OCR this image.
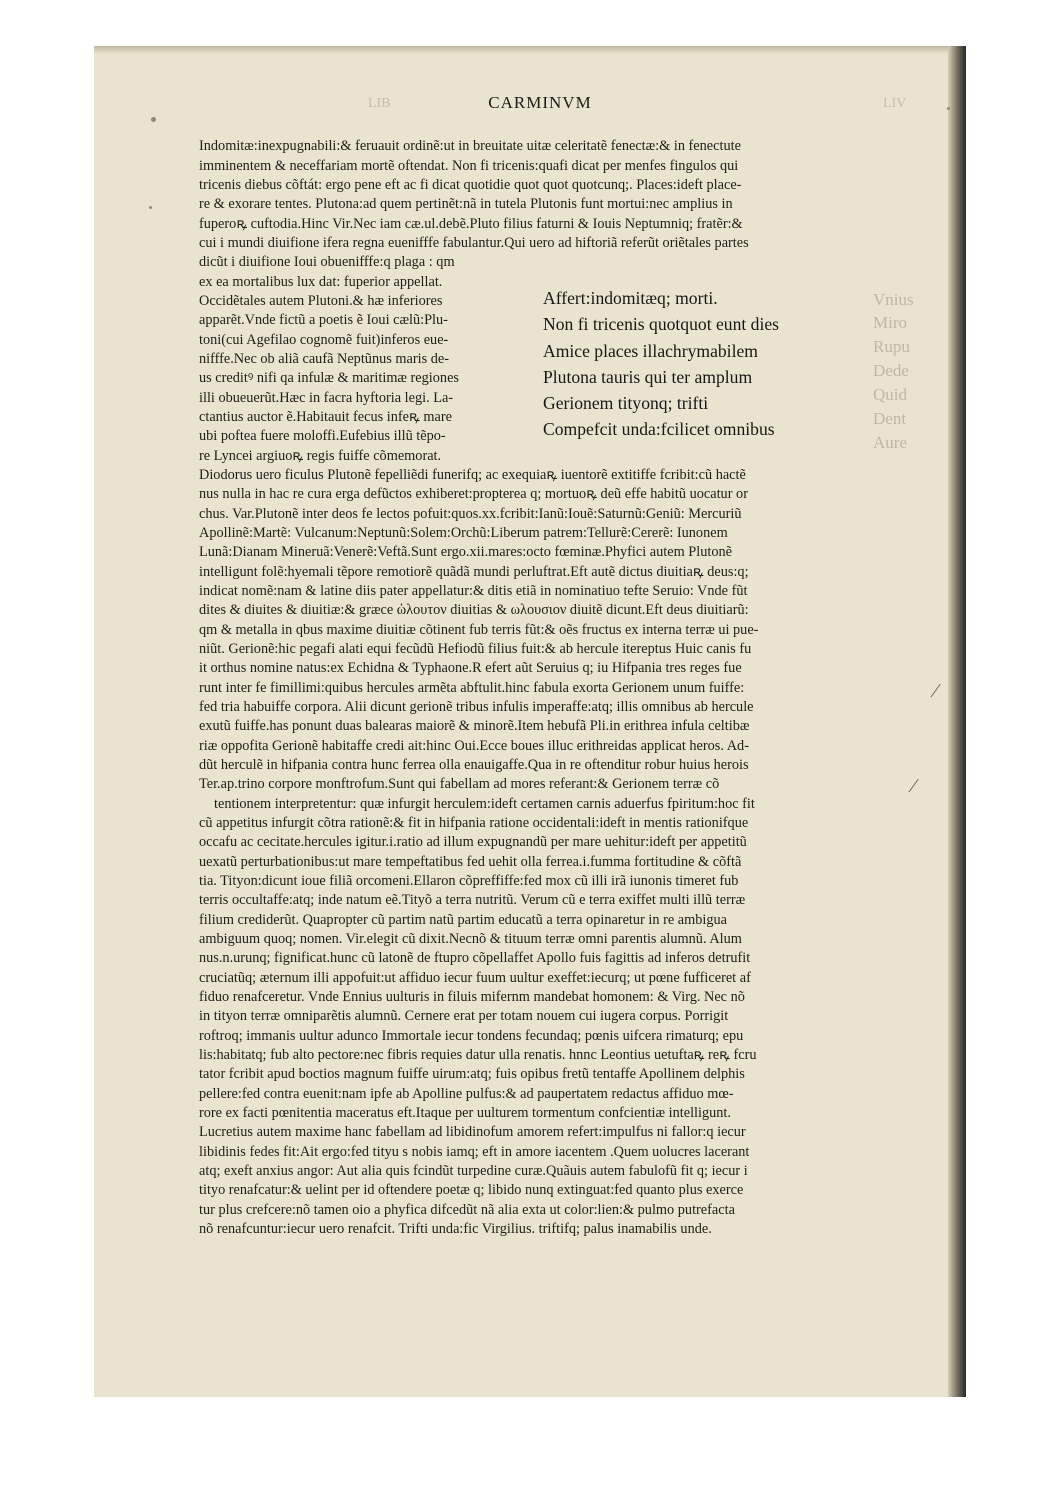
⁄
⁄
LIB	LIV
CARMINVM
Indomitæ:inexpugnabili:& feruauit ordinẽ:ut in breuitate uitæ celeritatẽ fenectæ:& in fenectute
imminentem & neceffariam mortẽ oftendat. Non fi tricenis:quafi dicat per menfes fingulos qui
tricenis diebus cõftát: ergo pene eft ac fi dicat quotidie quot quot quotcunq;. Places:ideft place-
re & exorare tentes. Plutona:ad quem pertinẽt:nã in tutela Plutonis funt mortui:nec amplius in
fuperoꝶ cuftodia.Hinc Vir.Nec iam cæ.ul.debẽ.Pluto filius faturni & Iouis Neptumniq; fratẽr:&
cui i mundi diuifione ifera regna euenifffe fabulantur.Qui uero ad hiftoriã referũt oriẽtales partes
dicũt i diuifione Ioui obuenifffe:q plaga : qm
ex ea mortalibus lux dat: fuperior appellat.
Occidẽtales autem Plutoni.& hæ inferiores
apparẽt.Vnde fictũ a poetis ẽ Ioui cælũ:Plu-
toni(cui Agefilao cognomẽ fuit)inferos eue-
nifffe.Nec ob aliã caufã Neptũnus maris de-
us creditꝰ nifi qa infulæ & maritimæ regiones
illi obueuerũt.Hæc in facra hyftoria legi. La-
ctantius auctor ẽ.Habitauit fecus infeꝶ mare
ubi poftea fuere moloffi.Eufebius illũ tẽpo-
re Lyncei argiuoꝶ regis fuiffe cõmemorat.
Diodorus uero ficulus Plutonẽ fepelliẽdi funerifq; ac exequiaꝶ iuentorẽ extitiffe fcribit:cũ hactẽ
nus nulla in hac re cura erga defũctos exhiberet:propterea q; mortuoꝶ deũ effe habitũ uocatur or
chus. Var.Plutonẽ inter deos fe lectos pofuit:quos.xx.fcribit:Ianũ:Iouẽ:Saturnũ:Geniũ: Mercuriũ
Apollinẽ:Martẽ: Vulcanum:Neptunũ:Solem:Orchũ:Liberum patrem:Tellurẽ:Cererẽ: Iunonem
Lunã:Dianam Mineruã:Venerẽ:Veftã.Sunt ergo.xii.mares:octo fœminæ.Phyfici autem Plutonẽ
intelligunt folẽ:hyemali tẽpore remotiorẽ quãdã mundi perluftrat.Eft autẽ dictus diuitiaꝶ deus:q;
indicat nomẽ:nam & latine diis pater appellatur:& ditis etiã in nominatiuo tefte Seruio: Vnde fũt
dites & diuites & diuitiæ:& græce ὠλουτον diuitias & ωλουσιον diuitẽ dicunt.Eft deus diuitiarũ:
qm & metalla in qbus maxime diuitiæ cõtinent fub terris fũt:& oẽs fructus ex interna terræ ui pue-
niũt. Gerionẽ:hic pegafi alati equi fecũdũ Hefiodũ filius fuit:& ab hercule itereptus Huic canis fu
it orthus nomine natus:ex Echidna & Typhaone.R efert aũt Seruius q; iu Hifpania tres reges fue
runt inter fe fimillimi:quibus hercules armẽta abftulit.hinc fabula exorta Gerionem unum fuiffe:
fed tria habuiffe corpora. Alii dicunt gerionẽ tribus infulis imperaffe:atq; illis omnibus ab hercule
exutũ fuiffe.has ponunt duas balearas maiorẽ & minorẽ.Item hebufã Pli.in erithrea infula celtibæ
riæ oppofita Gerionẽ habitaffe credi ait:hinc Oui.Ecce boues illuc erithreidas applicat heros. Ad-
dũt herculẽ in hifpania contra hunc ferrea olla enauigaffe.Qua in re oftenditur robur huius herois
Ter.ap.trino corpore monftrofum.Sunt qui fabellam ad mores referant:& Gerionem terræ cõ
tentionem interpretentur: quæ infurgit herculem:ideft certamen carnis aduerfus fpiritum:hoc fit
cũ appetitus infurgit cõtra rationẽ:& fit in hifpania ratione occidentali:ideft in mentis rationifque
occafu ac cecitate.hercules igitur.i.ratio ad illum expugnandũ per mare uehitur:ideft per appetitũ
uexatũ perturbationibus:ut mare tempeftatibus fed uehit olla ferrea.i.fumma fortitudine & cõftã
tia. Tityon:dicunt ioue filiã orcomeni.Ellaron cõpreffiffe:fed mox cũ illi irã iunonis timeret fub
terris occultaffe:atq; inde natum eẽ.Tityõ a terra nutritũ. Verum cũ e terra exiffet multi illũ terræ
filium crediderũt. Quapropter cũ partim natũ partim educatũ a terra opinaretur in re ambigua
ambiguum quoq; nomen. Vir.elegit cũ dixit.Necnõ & tituum terræ omni parentis alumnũ. Alum
nus.n.urunq; fignificat.hunc cũ latonẽ de ftupro cõpellaffet Apollo fuis fagittis ad inferos detrufit
cruciatũq; æternum illi appofuit:ut affiduo iecur fuum uultur exeffet:iecurq; ut pœne fufficeret af
fiduo renafceretur. Vnde Ennius uulturis in filuis mifernm mandebat homonem: & Virg. Nec nõ
in tityon terræ omniparẽtis alumnũ. Cernere erat per totam nouem cui iugera corpus. Porrigit
roftroq; immanis uultur adunco Immortale iecur tondens fecundaq; pœnis uifcera rimaturq; epu
lis:habitatq; fub alto pectore:nec fibris requies datur ulla renatis. hnnc Leontius uetuftaꝶ reꝶ fcru
tator fcribit apud boctios magnum fuiffe uirum:atq; fuis opibus fretũ tentaffe Apollinem delphis
pellere:fed contra euenit:nam ipfe ab Apolline pulfus:& ad paupertatem redactus affiduo mœ-
rore ex facti pœnitentia maceratus eft.Itaque per uulturem tormentum confcientiæ intelligunt.
Lucretius autem maxime hanc fabellam ad libidinofum amorem refert:impulfus ni fallor:q iecur
libidinis fedes fit:Ait ergo:fed tityu s nobis iamq; eft in amore iacentem .Quem uolucres lacerant
atq; exeft anxius angor: Aut alia quis fcindũt turpedine curæ.Quãuis autem fabulofũ fit q; iecur i
tityo renafcatur:& uelint per id oftendere poetæ q; libido nunq extinguat:fed quanto plus exerce
tur plus crefcere:nõ tamen oio a phyfica difcedũt nã alia exta ut color:lien:& pulmo putrefacta
nõ renafcuntur:iecur uero renafcit. Trifti unda:fic Virgilius. triftifq; palus inamabilis unde.
Affert:indomitæq; morti.
Non fi tricenis quotquot eunt dies
Amice places illachrymabilem
Plutona tauris qui ter amplum
Gerionem tityonq; trifti
Compefcit unda:fcilicet omnibus
Vnius
Miro
Rupu
Dede
Quid
Dent
Aure
